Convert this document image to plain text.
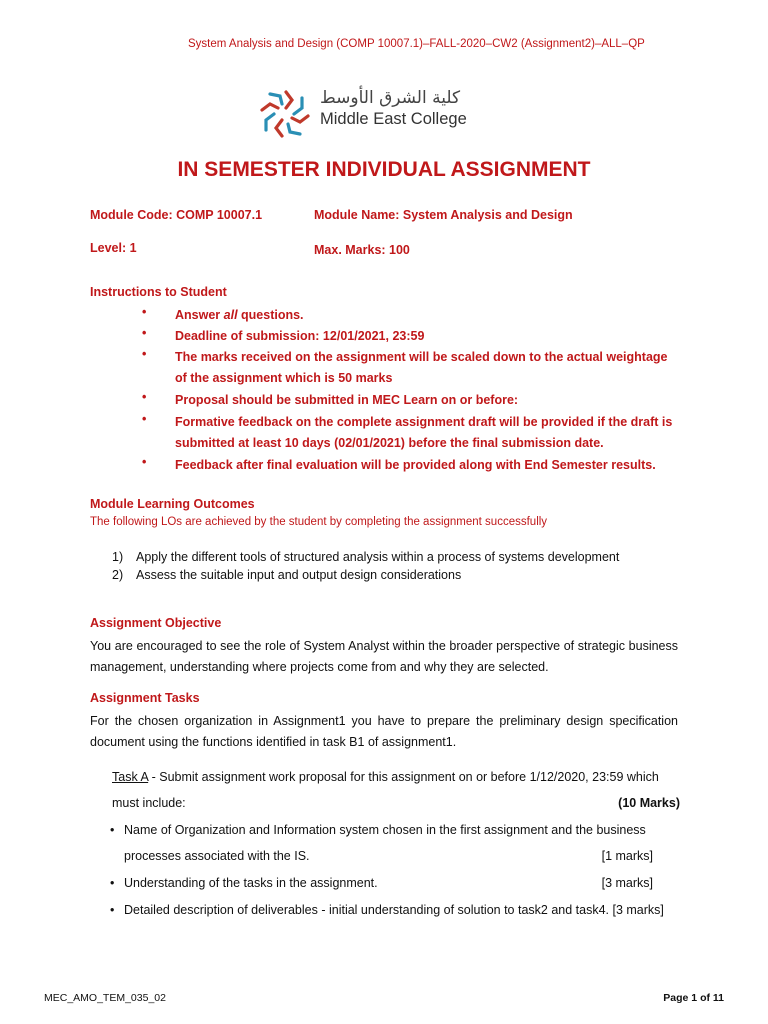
System Analysis and Design (COMP 10007.1)–FALL-2020–CW2 (Assignment2)–ALL–QP
كلية الشرق الأوسط
Middle East College
IN SEMESTER INDIVIDUAL ASSIGNMENT
Module Code: COMP 10007.1	Module Name: System Analysis and Design
Level: 1	Max. Marks: 100
Instructions to Student
• Answer all questions.
• Deadline of submission: 12/01/2021, 23:59
• The marks received on the assignment will be scaled down to the actual weightage of the assignment which is 50 marks
• Proposal should be submitted in MEC Learn on or before:
• Formative feedback on the complete assignment draft will be provided if the draft is submitted at least 10 days (02/01/2021) before the final submission date.
• Feedback after final evaluation will be provided along with End Semester results.
Module Learning Outcomes
The following LOs are achieved by the student by completing the assignment successfully
1) Apply the different tools of structured analysis within a process of systems development
2) Assess the suitable input and output design considerations
Assignment Objective
You are encouraged to see the role of System Analyst within the broader perspective of strategic business management, understanding where projects come from and why they are selected.
Assignment Tasks
For the chosen organization in Assignment1 you have to prepare the preliminary design specification document using the functions identified in task B1 of assignment1.
Task A - Submit assignment work proposal for this assignment on or before 1/12/2020, 23:59 which
must include:	(10 Marks)
• Name of Organization and Information system chosen in the first assignment and the business
processes associated with the IS.	[1 marks]
• Understanding of the tasks in the assignment.	[3 marks]
• Detailed description of deliverables - initial understanding of solution to task2 and task4. [3 marks]
MEC_AMO_TEM_035_02	Page 1 of 11
